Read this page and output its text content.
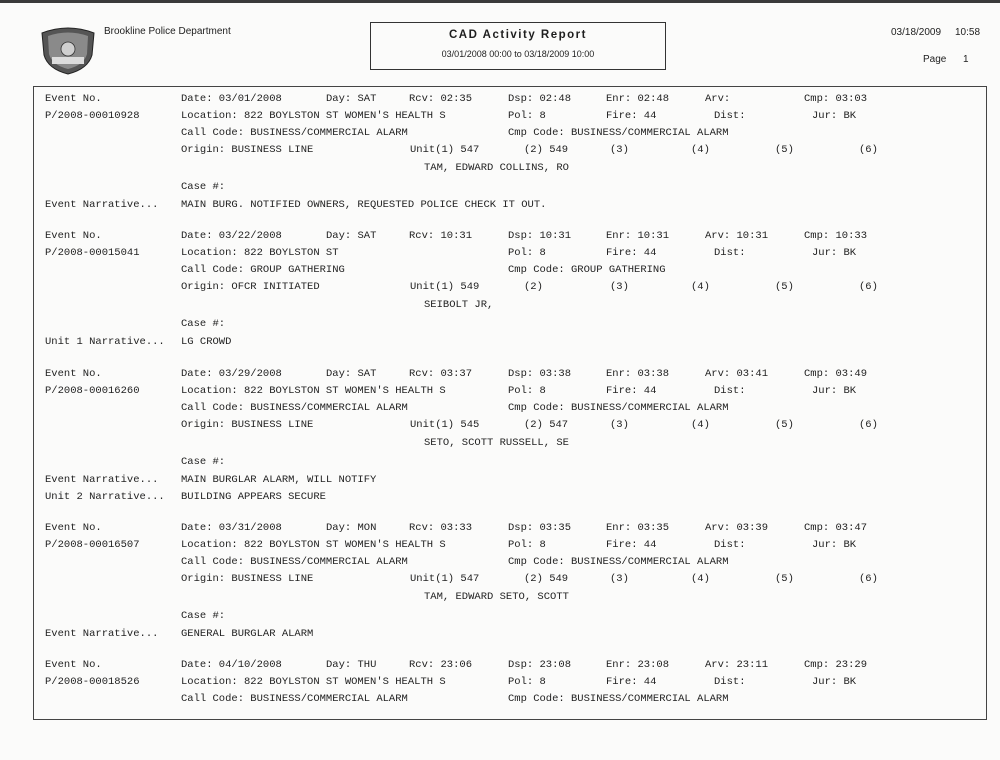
Brookline Police Department	CAD Activity Report
03/01/2008 00:00 to 03/18/2009 10:00
03/18/2009 10:58
Page 1
Event No.	Date: 03/01/2008	Day: SAT	Rcv: 02:35	Dsp: 02:48	Enr: 02:48	Arv:	Cmp: 03:03
P/2008-00010928	Location: 822 BOYLSTON ST WOMEN'S HEALTH S	Pol: 8	Fire: 44	Dist:	Jur: BK
Call Code: BUSINESS/COMMERCIAL ALARM	Cmp Code: BUSINESS/COMMERCIAL ALARM
Origin: BUSINESS LINE	Unit(1) 547	(2) 549	(3)	(4)	(5)	(6)
TAM, EDWARD COLLINS, RO
Case #:
Event Narrative... MAIN BURG. NOTIFIED OWNERS, REQUESTED POLICE CHECK IT OUT.
Event No.	Date: 03/22/2008	Day: SAT	Rcv: 10:31	Dsp: 10:31	Enr: 10:31	Arv: 10:31	Cmp: 10:33
P/2008-00015041	Location: 822 BOYLSTON ST	Pol: 8	Fire: 44	Dist:	Jur: BK
Call Code: GROUP GATHERING	Cmp Code: GROUP GATHERING
Origin: OFCR INITIATED	Unit(1) 549	(2)	(3)	(4)	(5)	(6)
SEIBOLT JR,
Case #:
Unit 1 Narrative... LG CROWD
Event No.	Date: 03/29/2008	Day: SAT	Rcv: 03:37	Dsp: 03:38	Enr: 03:38	Arv: 03:41	Cmp: 03:49
P/2008-00016260	Location: 822 BOYLSTON ST WOMEN'S HEALTH S	Pol: 8	Fire: 44	Dist:	Jur: BK
Call Code: BUSINESS/COMMERCIAL ALARM	Cmp Code: BUSINESS/COMMERCIAL ALARM
Origin: BUSINESS LINE	Unit(1) 545	(2) 547	(3)	(4)	(5)	(6)
SETO, SCOTT RUSSELL, SE
Case #:
Event Narrative... MAIN BURGLAR ALARM, WILL NOTIFY
Unit 2 Narrative... BUILDING APPEARS SECURE
Event No.	Date: 03/31/2008	Day: MON	Rcv: 03:33	Dsp: 03:35	Enr: 03:35	Arv: 03:39	Cmp: 03:47
P/2008-00016507	Location: 822 BOYLSTON ST WOMEN'S HEALTH S	Pol: 8	Fire: 44	Dist:	Jur: BK
Call Code: BUSINESS/COMMERCIAL ALARM	Cmp Code: BUSINESS/COMMERCIAL ALARM
Origin: BUSINESS LINE	Unit(1) 547	(2) 549	(3)	(4)	(5)	(6)
TAM, EDWARD SETO, SCOTT
Case #:
Event Narrative... GENERAL BURGLAR ALARM
Event No.	Date: 04/10/2008	Day: THU	Rcv: 23:06	Dsp: 23:08	Enr: 23:08	Arv: 23:11	Cmp: 23:29
P/2008-00018526	Location: 822 BOYLSTON ST WOMEN'S HEALTH S	Pol: 8	Fire: 44	Dist:	Jur: BK
Call Code: BUSINESS/COMMERCIAL ALARM	Cmp Code: BUSINESS/COMMERCIAL ALARM
